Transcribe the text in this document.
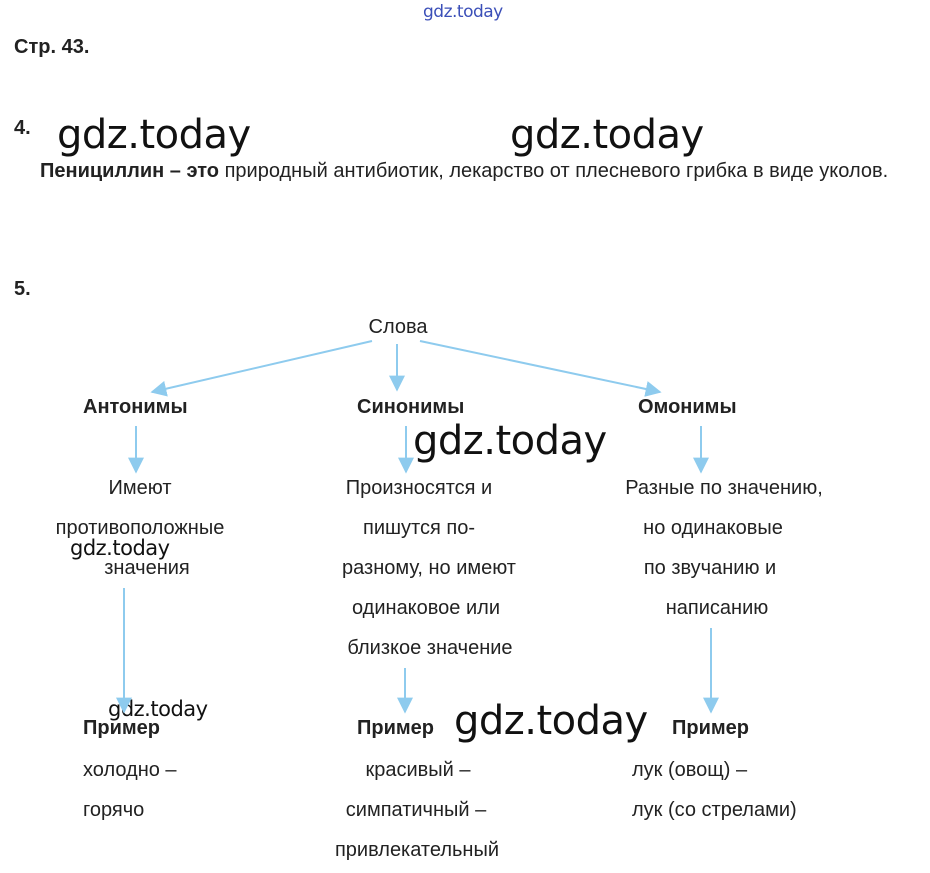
gdz.today
gdz.today	gdz.today
gdz.today
gdz.today
gdz.today
gdz.today
Стр. 43.
4.
Пенициллин – это природный антибиотик, лекарство от плесневого грибка в виде уколов.
5.
Слова
Антонимы	Синонимы	Омонимы
Имеют
противоположные
значения
Произносятся и
пишутся по-
разному, но имеют
одинаковое или
близкое значение
Разные по значению,
но одинаковые
по звучанию и
написанию
Пример	Пример	Пример
холодно –
горячо
красивый –
симпатичный –
привлекательный
лук (овощ) –
лук (со стрелами)
